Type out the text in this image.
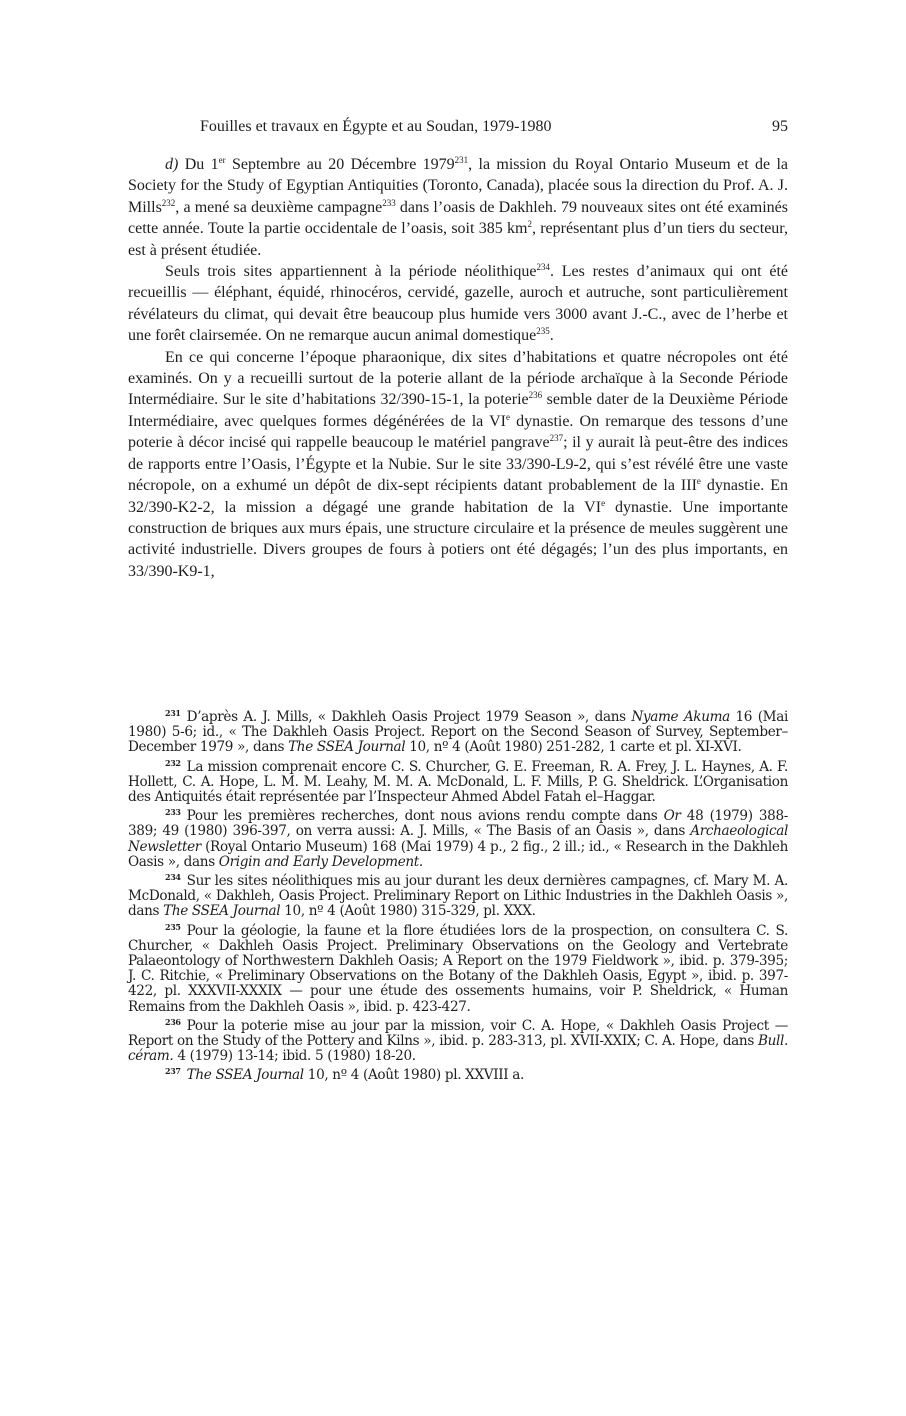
Fouilles et travaux en Égypte et au Soudan, 1979-1980	95

d) Du 1er Septembre au 20 Décembre 1979$^{231}$, la mission du Royal Ontario Museum et de la Society for the Study of Egyptian Antiquities (Toronto, Canada), placée sous la direction du Prof. A. J. Mills$^{232}$, a mené sa deuxième campagne$^{233}$ dans l’oasis de Dakhleh. 79 nouveaux sites ont été examinés cette année. Toute la partie occidentale de l’oasis, soit 385 $km^2$, représentant plus d’un tiers du secteur, est à présent étudiée.

Seuls trois sites appartiennent à la période néolithique$^{234}$. Les restes d’animaux qui ont été recueillis — éléphant, équidé, rhinocéros, cervidé, gazelle, auroch et autruche, sont particulièrement révélateurs du climat, qui devait être beaucoup plus humide vers 3000 avant J.-C., avec de l’herbe et une forêt clairsemée. On ne remarque aucun animal domestique$^{235}$.

En ce qui concerne l’époque pharaonique, dix sites d’habitations et quatre nécropoles ont été examinés. On y a recueilli surtout de la poterie allant de la période archaïque à la Seconde Période Intermédiaire. Sur le site d’habitations 32/390-15-1, la poterie$^{236}$ semble dater de la Deuxième Période Intermédiaire, avec quelques formes dégénérées de la VIe dynastie. On remarque des tessons d’une poterie à décor incisé qui rappelle beaucoup le matériel pangrave$^{237}$; il y aurait là peut-être des indices de rapports entre l’Oasis, l’Égypte et la Nubie. Sur le site 33/390-L9-2, qui s’est révélé être une vaste nécropole, on a exhumé un dépôt de dix-sept récipients datant probablement de la IIIe dynastie. En 32/390-K2-2, la mission a dégagé une grande habitation de la VIe dynastie. Une importante construction de briques aux murs épais, une structure circulaire et la présence de meules suggèrent une activité industrielle. Divers groupes de fours à potiers ont été dégagés; l’un des plus importants, en 33/390-K9-1,

$^{231}$ D’après A. J. Mills, « Dakhleh Oasis Project 1979 Season », dans Nyame Akuma 16 (Mai 1980) 5-6; id., « The Dakhleh Oasis Project. Report on the Second Season of Survey, September–December 1979 », dans The SSEA Journal 10, nº 4 (Août 1980) 251-282, 1 carte et pl. XI-XVI.

$^{232}$ La mission comprenait encore C. S. Churcher, G. E. Freeman, R. A. Frey, J. L. Haynes, A. F. Hollett, C. A. Hope, L. M. M. Leahy, M. M. A. McDonald, L. F. Mills, P. G. Sheldrick. L’Organisation des Antiquités était représentée par l’Inspecteur Ahmed Abdel Fatah el–Haggar.

$^{233}$ Pour les premières recherches, dont nous avions rendu compte dans Or 48 (1979) 388-389; 49 (1980) 396-397, on verra aussi: A. J. Mills, « The Basis of an Oasis », dans Archaeological Newsletter (Royal Ontario Museum) 168 (Mai 1979) 4 p., 2 fig., 2 ill.; id., « Research in the Dakhleh Oasis », dans Origin and Early Development.

$^{234}$ Sur les sites néolithiques mis au jour durant les deux dernières campagnes, cf. Mary M. A. McDonald, « Dakhleh, Oasis Project. Preliminary Report on Lithic Industries in the Dakhleh Oasis », dans The SSEA Journal 10, nº 4 (Août 1980) 315-329, pl. XXX.

$^{235}$ Pour la géologie, la faune et la flore étudiées lors de la prospection, on consultera C. S. Churcher, « Dakhleh Oasis Project. Preliminary Observations on the Geology and Vertebrate Palaeontology of Northwestern Dakhleh Oasis; A Report on the 1979 Fieldwork », ibid. p. 379-395; J. C. Ritchie, « Preliminary Observations on the Botany of the Dakhleh Oasis, Egypt », ibid. p. 397-422, pl. XXXVII-XXXIX — pour une étude des ossements humains, voir P. Sheldrick, « Human Remains from the Dakhleh Oasis », ibid. p. 423-427.

$^{236}$ Pour la poterie mise au jour par la mission, voir C. A. Hope, « Dakhleh Oasis Project — Report on the Study of the Pottery and Kilns », ibid. p. 283-313, pl. XVII-XXIX; C. A. Hope, dans Bull. céram. 4 (1979) 13-14; ibid. 5 (1980) 18-20.

$^{237}$ The SSEA Journal 10, nº 4 (Août 1980) pl. XXVIII a.
